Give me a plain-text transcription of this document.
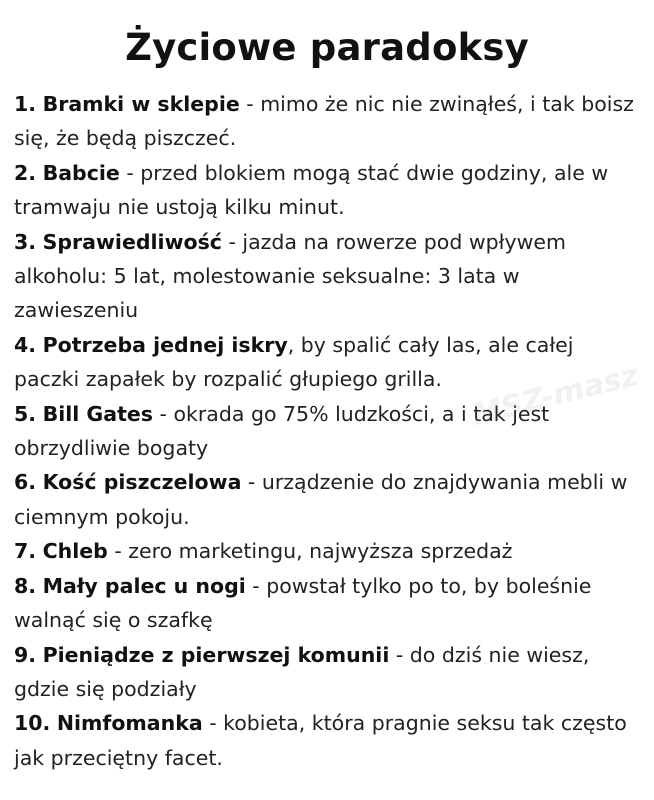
Życiowe paradoksy
1. Bramki w sklepie - mimo że nic nie zwinąłeś, i tak boisz się, że będą piszczeć.
2. Babcie - przed blokiem mogą stać dwie godziny, ale w tramwaju nie ustoją kilku minut.
3. Sprawiedliwość - jazda na rowerze pod wpływem alkoholu: 5 lat, molestowanie seksualne: 3 lata w zawieszeniu
4. Potrzeba jednej iskry, by spalić cały las, ale całej paczki zapałek by rozpalić głupiego grilla.
5. Bill Gates - okrada go 75% ludzkości, a i tak jest obrzydliwie bogaty
6. Kość piszczelowa - urządzenie do znajdywania mebli w ciemnym pokoju.
7. Chleb - zero marketingu, najwyższa sprzedaż
8. Mały palec u nogi - powstał tylko po to, by boleśnie walnąć się o szafkę
9. Pieniądze z pierwszej komunii - do dziś nie wiesz, gdzie się podziały
10. Nimfomanka - kobieta, która pragnie seksu tak często jak przeciętny facet.
MSZ-masz
